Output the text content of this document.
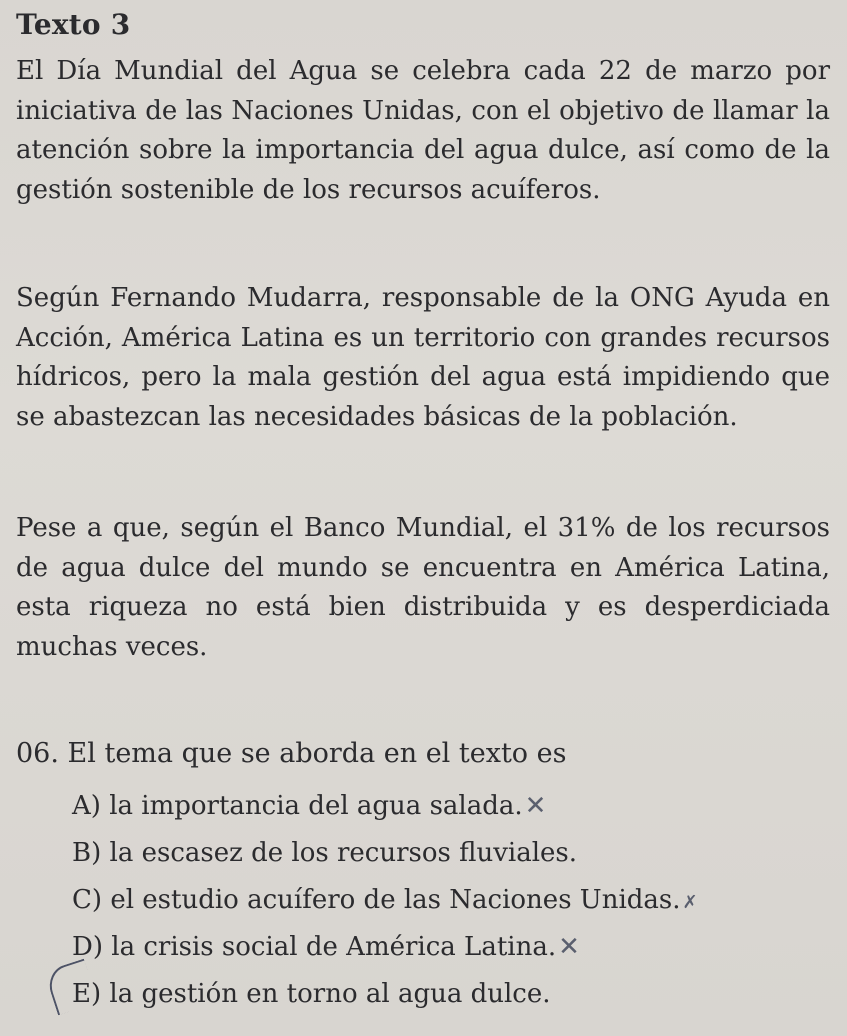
Texto 3

El Día Mundial del Agua se celebra cada 22 de marzo por iniciativa de las Naciones Unidas, con el objetivo de llamar la atención sobre la importancia del agua dulce, así como de la gestión sostenible de los recursos acuíferos.

Según Fernando Mudarra, responsable de la ONG Ayuda en Acción, América Latina es un territorio con grandes recursos hídricos, pero la mala gestión del agua está impidiendo que se abastezcan las necesidades básicas de la población.

Pese a que, según el Banco Mundial, el 31% de los recursos de agua dulce del mundo se encuentra en América Latina, esta riqueza no está bien distribuida y es desperdiciada muchas veces.

06. El tema que se aborda en el texto es

A) la importancia del agua salada.✕
B) la escasez de los recursos fluviales.
C) el estudio acuífero de las Naciones Unidas. ✗
D) la crisis social de América Latina.✕
E) la gestión en torno al agua dulce.
